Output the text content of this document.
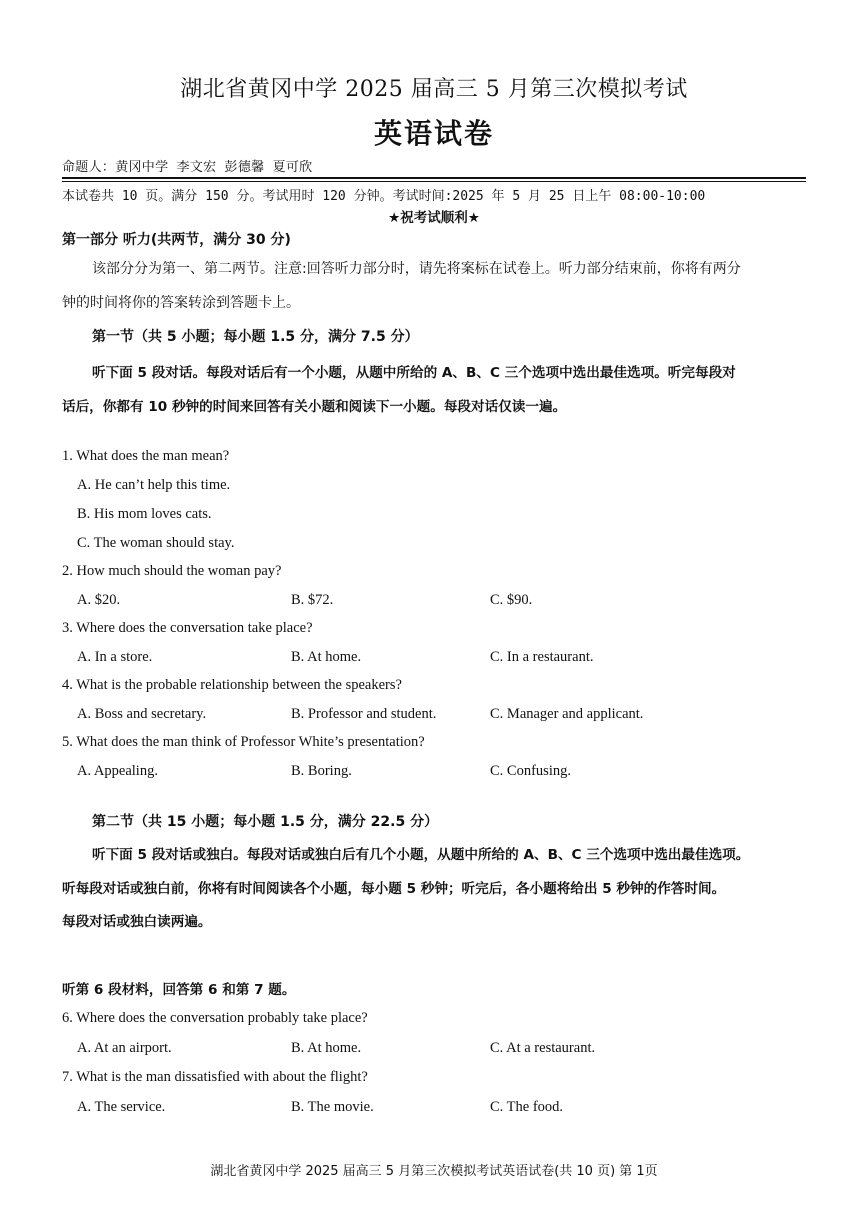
湖北省黄冈中学 2025 届高三 5 月第三次模拟考试
英语试卷
命题人：黄冈中学 李文宏 彭德馨 夏可欣
本试卷共 10 页。满分 150 分。考试用时 120 分钟。考试时间:2025 年 5 月 25 日上午 08:00-10:00
★祝考试顺利★
第一部分 听力(共两节，满分 30 分)
该部分分为第一、第二两节。注意:回答听力部分时，请先将案标在试卷上。听力部分结束前，你将有两分
钟的时间将你的答案转涂到答题卡上。
第一节（共 5 小题；每小题 1.5 分，满分 7.5 分）
听下面 5 段对话。每段对话后有一个小题，从题中所给的 A、B、C 三个选项中选出最佳选项。听完每段对
话后，你都有 10 秒钟的时间来回答有关小题和阅读下一小题。每段对话仅读一遍。
1. What does the man mean?
A. He can’t help this time.
B. His mom loves cats.
C. The woman should stay.
2. How much should the woman pay?
A. $20.	B. $72.	C. $90.
3. Where does the conversation take place?
A. In a store.	B. At home.	C. In a restaurant.
4. What is the probable relationship between the speakers?
A. Boss and secretary.	B. Professor and student.	C. Manager and applicant.
5. What does the man think of Professor White’s presentation?
A. Appealing.	B. Boring.	C. Confusing.
第二节（共 15 小题；每小题 1.5 分，满分 22.5 分）
听下面 5 段对话或独白。每段对话或独白后有几个小题，从题中所给的 A、B、C 三个选项中选出最佳选项。
听每段对话或独白前，你将有时间阅读各个小题，每小题 5 秒钟；听完后，各小题将给出 5 秒钟的作答时间。
每段对话或独白读两遍。
听第 6 段材料，回答第 6 和第 7 题。
6. Where does the conversation probably take place?
A. At an airport.	B. At home.	C. At a restaurant.
7. What is the man dissatisfied with about the flight?
A. The service.	B. The movie.	C. The food.
湖北省黄冈中学 2025 届高三 5 月第三次模拟考试英语试卷(共 10 页) 第 1页
